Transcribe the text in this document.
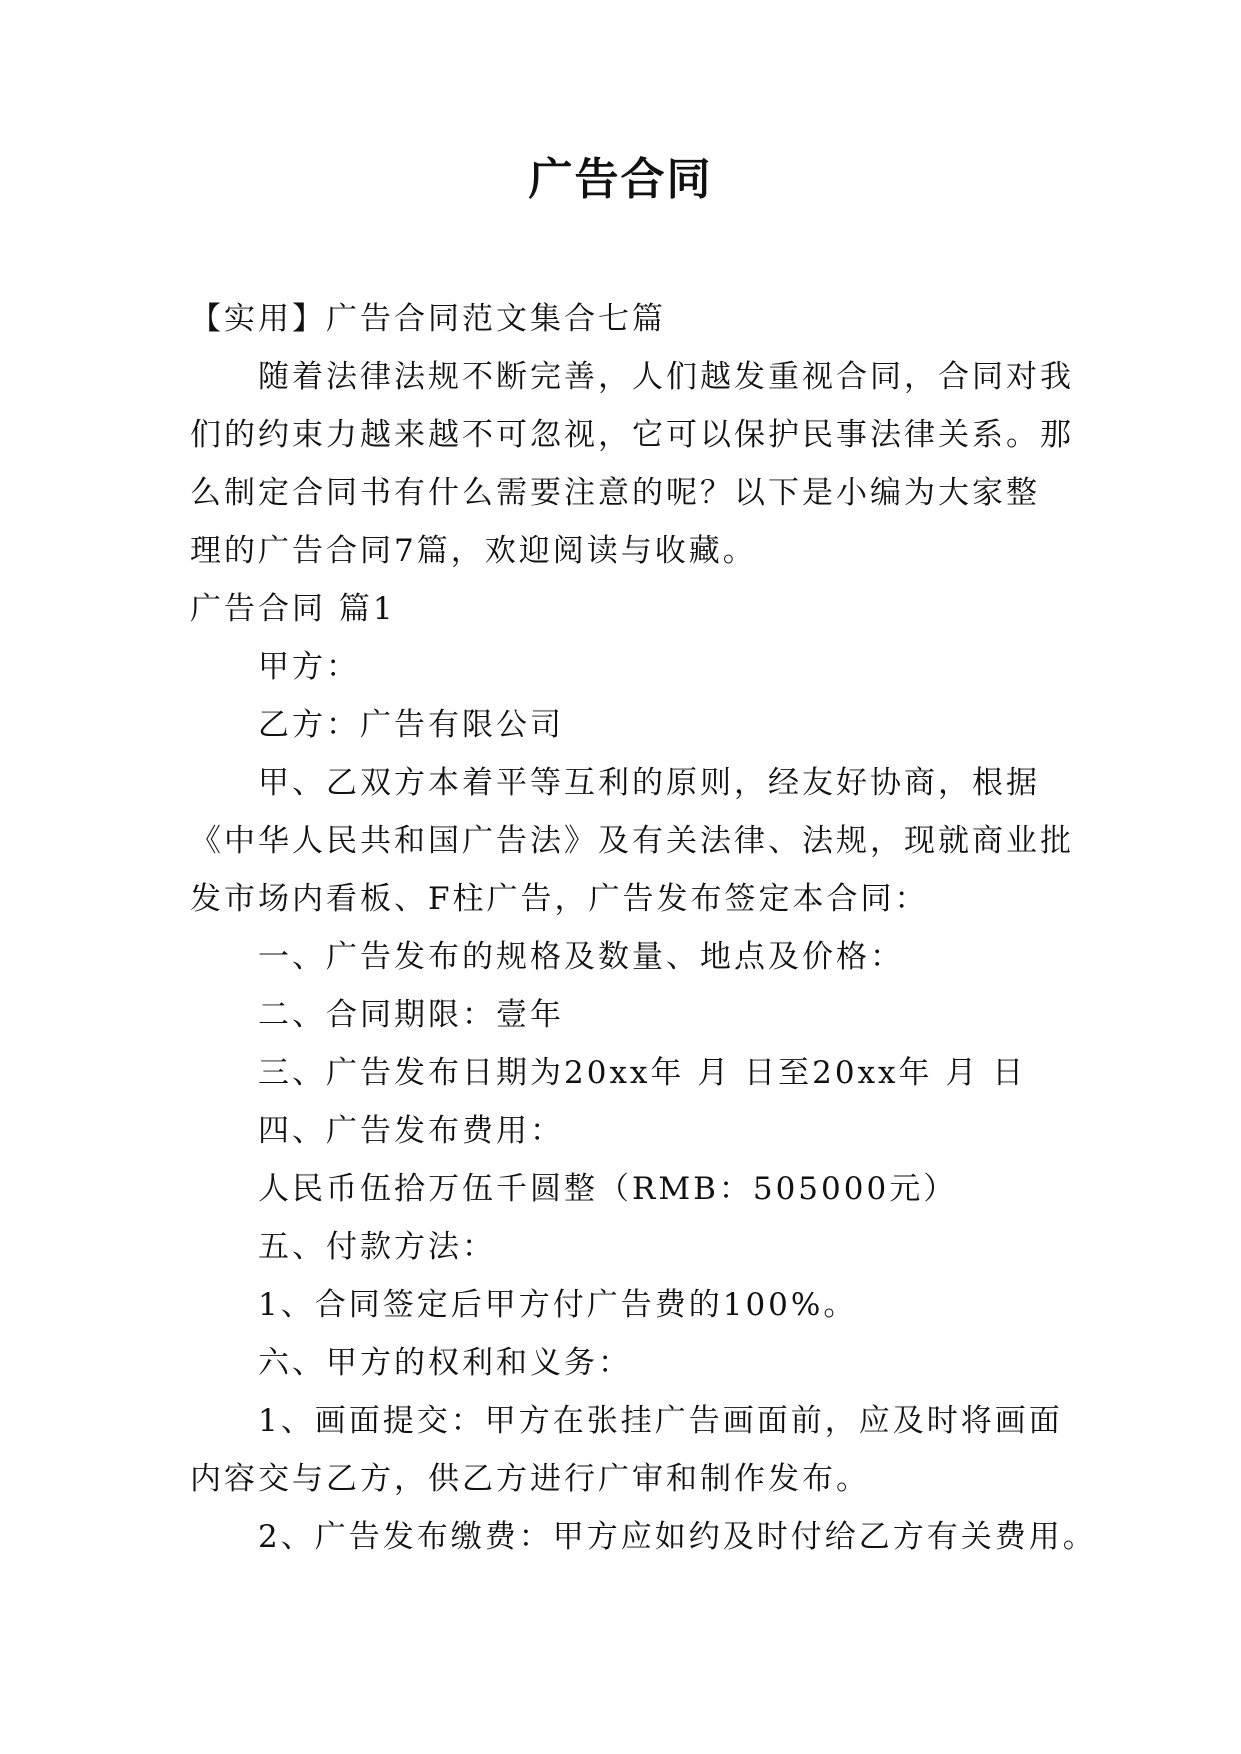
广告合同

【实用】广告合同范文集合七篇

随着法律法规不断完善，人们越发重视合同，合同对我

们的约束力越来越不可忽视，它可以保护民事法律关系。那

么制定合同书有什么需要注意的呢？以下是小编为大家整

理的广告合同7篇，欢迎阅读与收藏。

广告合同 篇1

甲方：

乙方：广告有限公司

甲、乙双方本着平等互利的原则，经友好协商，根据

《中华人民共和国广告法》及有关法律、法规，现就商业批

发市场内看板、F柱广告，广告发布签定本合同：

一、广告发布的规格及数量、地点及价格：

二、合同期限：壹年

三、广告发布日期为20xx年 月 日至20xx年 月 日

四、广告发布费用：

人民币伍拾万伍千圆整（RMB：505000元）

五、付款方法：

1、合同签定后甲方付广告费的100%。

六、甲方的权利和义务：

1、画面提交：甲方在张挂广告画面前，应及时将画面

内容交与乙方，供乙方进行广审和制作发布。

2、广告发布缴费：甲方应如约及时付给乙方有关费用。
